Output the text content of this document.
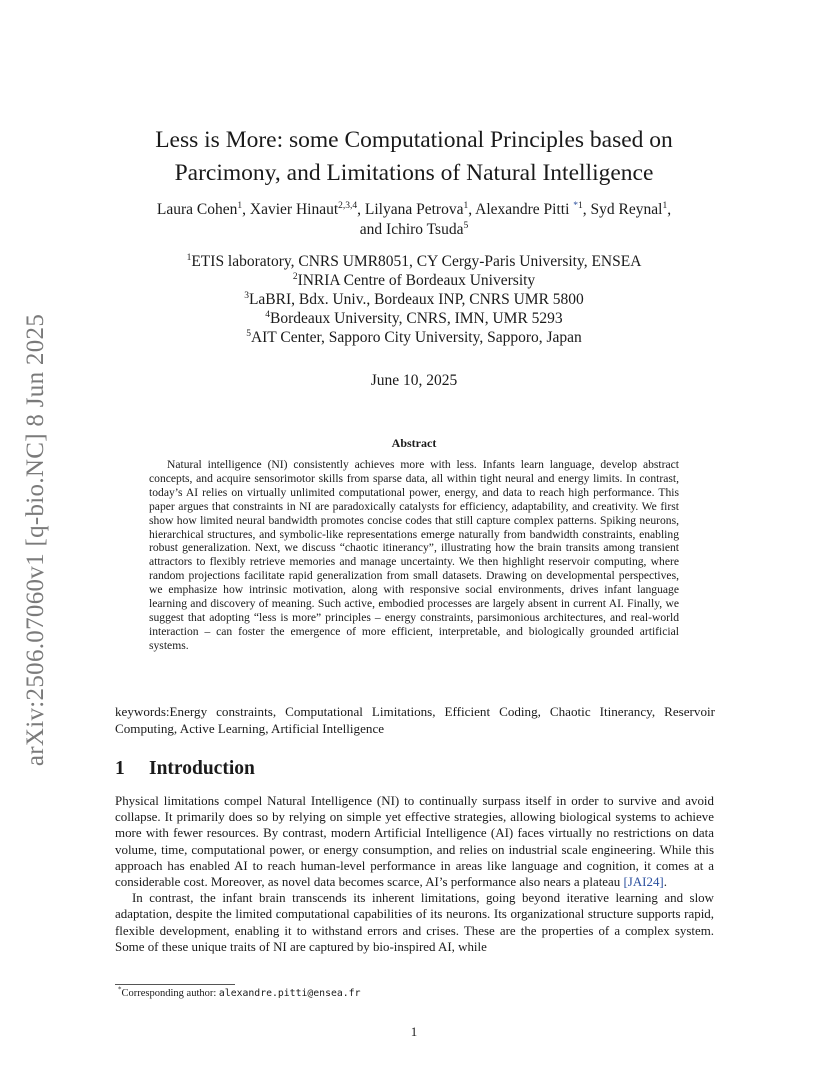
arXiv:2506.07060v1 [q-bio.NC] 8 Jun 2025
Less is More: some Computational Principles based on
Parcimony, and Limitations of Natural Intelligence
Laura Cohen$^1$, Xavier Hinaut$^{2,3,4}$, Lilyana Petrova$^1$, Alexandre Pitti $^{*1}$, Syd Reynal$^1$,
and Ichiro Tsuda$^5$
$^1$ETIS laboratory, CNRS UMR8051, CY Cergy-Paris University, ENSEA
$^2$INRIA Centre of Bordeaux University
$^3$LaBRI, Bdx. Univ., Bordeaux INP, CNRS UMR 5800
$^4$Bordeaux University, CNRS, IMN, UMR 5293
$^5$AIT Center, Sapporo City University, Sapporo, Japan
June 10, 2025
Abstract

Natural intelligence (NI) consistently achieves more with less. Infants learn language, develop abstract concepts, and acquire sensorimotor skills from sparse data, all within tight neural and energy limits. In contrast, today’s AI relies on virtually unlimited computational power, energy, and data to reach high performance. This paper argues that constraints in NI are paradoxically catalysts for efficiency, adaptability, and creativity. We first show how limited neural bandwidth promotes concise codes that still capture complex patterns. Spiking neurons, hierarchical structures, and symbolic-like representations emerge naturally from bandwidth constraints, enabling robust generalization. Next, we discuss “chaotic itinerancy”, illustrating how the brain transits among transient attractors to flexibly retrieve memories and manage uncertainty. We then highlight reservoir computing, where random projections facilitate rapid generalization from small datasets. Drawing on developmental perspectives, we emphasize how intrinsic motivation, along with responsive social environments, drives infant language learning and discovery of meaning. Such active, embodied processes are largely absent in current AI. Finally, we suggest that adopting “less is more” principles – energy constraints, parsimonious architectures, and real-world interaction – can foster the emergence of more efficient, interpretable, and biologically grounded artificial systems.

keywords:Energy constraints, Computational Limitations, Efficient Coding, Chaotic Itinerancy, Reservoir Computing, Active Learning, Artificial Intelligence

1 Introduction

Physical limitations compel Natural Intelligence (NI) to continually surpass itself in order to survive and avoid collapse. It primarily does so by relying on simple yet effective strategies, allowing biological systems to achieve more with fewer resources. By contrast, modern Artificial Intelligence (AI) faces virtually no restrictions on data volume, time, computational power, or energy consumption, and relies on industrial scale engineering. While this approach has enabled AI to reach human-level performance in areas like language and cognition, it comes at a considerable cost. Moreover, as novel data becomes scarce, AI’s performance also nears a plateau [JAI24].

In contrast, the infant brain transcends its inherent limitations, going beyond iterative learning and slow adaptation, despite the limited computational capabilities of its neurons. Its organizational structure supports rapid, flexible development, enabling it to withstand errors and crises. These are the properties of a complex system. Some of these unique traits of NI are captured by bio-inspired AI, while

*Corresponding author: alexandre.pitti@ensea.fr
1
